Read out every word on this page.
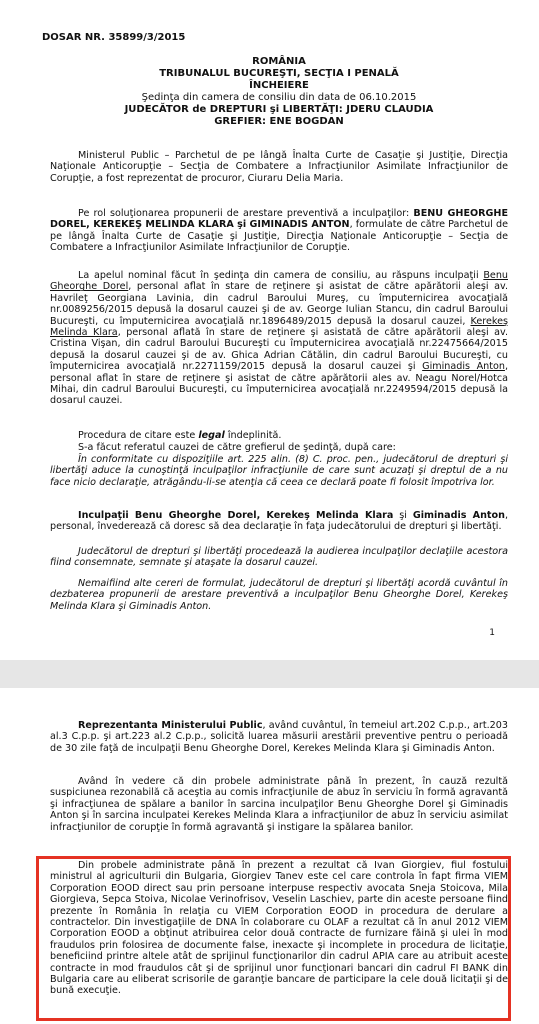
DOSAR NR. 35899/3/2015

ROMÂNIA
TRIBUNALUL BUCUREŞTI, SECŢIA I PENALĂ
ÎNCHEIERE
Şedinţa din camera de consiliu din data de 06.10.2015
JUDECĂTOR de DREPTURI şi LIBERTĂŢI: JDERU CLAUDIA
GREFIER: ENE BOGDAN

Ministerul Public – Parchetul de pe lângă Înalta Curte de Casaţie şi Justiţie, Direcţia Naţionale Anticorupţie – Secţia de Combatere a Infracţiunilor Asimilate Infracţiunilor de Corupţie, a fost reprezentat de procuror, Ciuraru Delia Maria.

Pe rol soluţionarea propunerii de arestare preventivă a inculpaţilor: BENU GHEORGHE DOREL, KEREKEŞ MELINDA KLARA şi GIMINADIS ANTON, formulate de către Parchetul de pe lângă Înalta Curte de Casaţie şi Justiţie, Direcţia Naţionale Anticorupţie – Secţia de Combatere a Infracţiunilor Asimilate Infracţiunilor de Corupţie.

La apelul nominal făcut în şedinţa din camera de consiliu, au răspuns inculpaţii Benu Gheorghe Dorel, personal aflat în stare de reţinere şi asistat de către apărătorii aleşi av. Havrileţ Georgiana Lavinia, din cadrul Baroului Mureş, cu împuternicirea avocaţială nr.0089256/2015 depusă la dosarul cauzei şi de av. George Iulian Stancu, din cadrul Baroului Bucureşti, cu împuternicirea avocaţială nr.1896489/2015 depusă la dosarul cauzei, Kerekeş Melinda Klara, personal aflată în stare de reţinere şi asistată de către apărătorii aleşi av. Cristina Vişan, din cadrul Baroului Bucureşti cu împuternicirea avocaţială nr.22475664/2015 depusă la dosarul cauzei şi de av. Ghica Adrian Cătălin, din cadrul Baroului Bucureşti, cu împuternicirea avocaţială nr.2271159/2015 depusă la dosarul cauzei şi Giminadis Anton, personal aflat în stare de reţinere şi asistat de către apărătorii ales av. Neagu Norel/Hotca Mihai, din cadrul Baroului Bucureşti, cu împuternicirea avocaţială nr.2249594/2015 depusă la dosarul cauzei.

Procedura de citare este legal îndeplinită.

S-a făcut referatul cauzei de către grefierul de şedinţă, după care:

În conformitate cu dispoziţiile art. 225 alin. (8) C. proc. pen., judecătorul de drepturi şi libertăţi aduce la cunoştinţă inculpaţilor infracţiunile de care sunt acuzaţi şi dreptul de a nu face nicio declaraţie, atrăgându-li-se atenţia că ceea ce declară poate fi folosit împotriva lor.

Inculpaţii Benu Gheorghe Dorel, Kerekeş Melinda Klara şi Giminadis Anton, personal, învederează că doresc să dea declaraţie în faţa judecătorului de drepturi şi libertăţi.

Judecătorul de drepturi şi libertăţi procedează la audierea inculpaţilor declaţiile acestora fiind consemnate, semnate şi ataşate la dosarul cauzei.

Nemaifiind alte cereri de formulat, judecătorul de drepturi şi libertăţi acordă cuvântul în dezbaterea propunerii de arestare preventivă a inculpaţilor Benu Gheorghe Dorel, Kerekeş Melinda Klara şi Giminadis Anton.

1

Reprezentanta Ministerului Public, având cuvântul, în temeiul art.202 C.p.p., art.203 al.3 C.p.p. şi art.223 al.2 C.p.p., solicită luarea măsurii arestării preventive pentru o perioadă de 30 zile faţă de inculpaţii Benu Gheorghe Dorel, Kerekes Melinda Klara şi Giminadis Anton.

Având în vedere că din probele administrate până în prezent, în cauză rezultă suspiciunea rezonabilă că aceştia au comis infracţiunile de abuz în serviciu în formă agravantă şi infracţiunea de spălare a banilor în sarcina inculpaţilor Benu Gheorghe Dorel şi Giminadis Anton şi în sarcina inculpatei Kerekes Melinda Klara a infracţiunilor de abuz în serviciu asimilat infracţiunilor de corupţie în formă agravantă şi instigare la spălarea banilor.

Din probele administrate până în prezent a rezultat că Ivan Giorgiev, fiul fostului ministrul al agriculturii din Bulgaria, Giorgiev Tanev este cel care controla în fapt firma VIEM Corporation EOOD direct sau prin persoane interpuse respectiv avocata Sneja Stoicova, Mila Giorgieva, Sepca Stoiva, Nicolae Verinofrisov, Veselin Laschiev, parte din aceste persoane fiind prezente în România în relaţia cu VIEM Corporation EOOD in procedura de derulare a contractelor. Din investigaţiile de DNA în colaborare cu OLAF a rezultat că în anul 2012 VIEM Corporation EOOD a obţinut atribuirea celor două contracte de furnizare făină şi ulei în mod fraudulos prin folosirea de documente false, inexacte şi incomplete in procedura de licitaţie, beneficiind printre altele atât de sprijinul funcţionarilor din cadrul APIA care au atribuit aceste contracte in mod fraudulos cât şi de sprijinul unor funcţionari bancari din cadrul FI BANK din Bulgaria care au eliberat scrisorile de garanţie bancare de participare la cele două licitaţii şi de bună execuţie.
